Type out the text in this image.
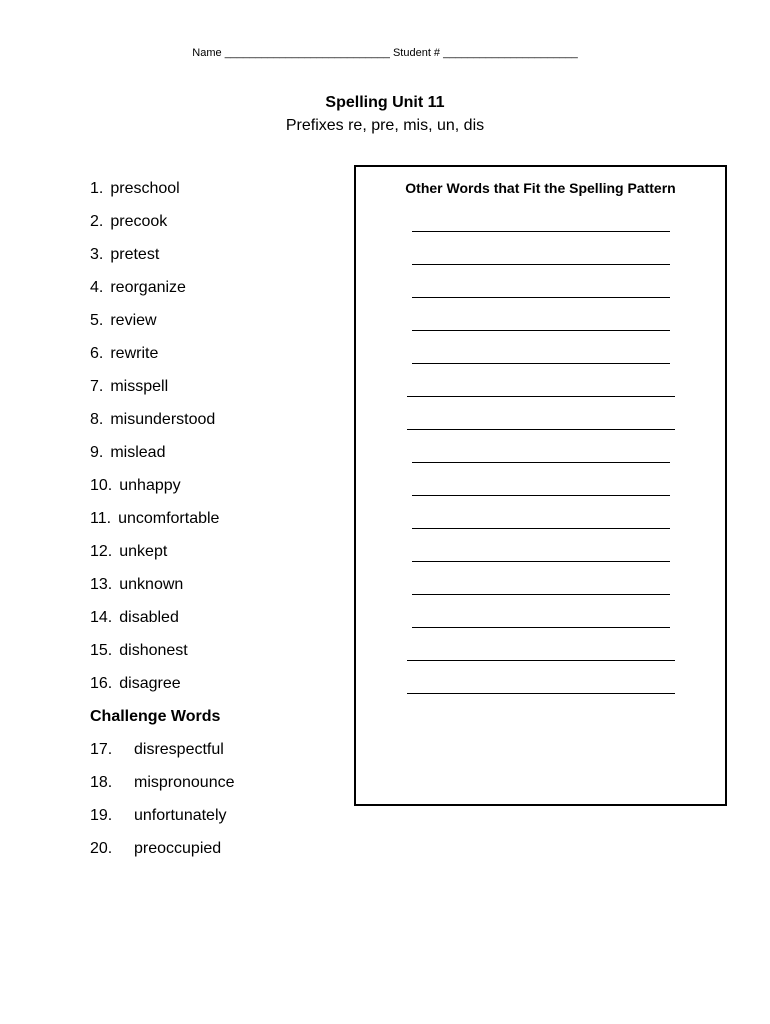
Name ___________________________ Student # ______________________
Spelling Unit 11
Prefixes re, pre, mis, un, dis
1. preschool
2. precook
3. pretest
4. reorganize
5. review
6. rewrite
7. misspell
8. misunderstood
9. mislead
10. unhappy
11. uncomfortable
12. unkept
13. unknown
14. disabled
15. dishonest
16. disagree
Challenge Words
17. disrespectful
18. mispronounce
19. unfortunately
20. preoccupied
Other Words that Fit the Spelling Pattern
